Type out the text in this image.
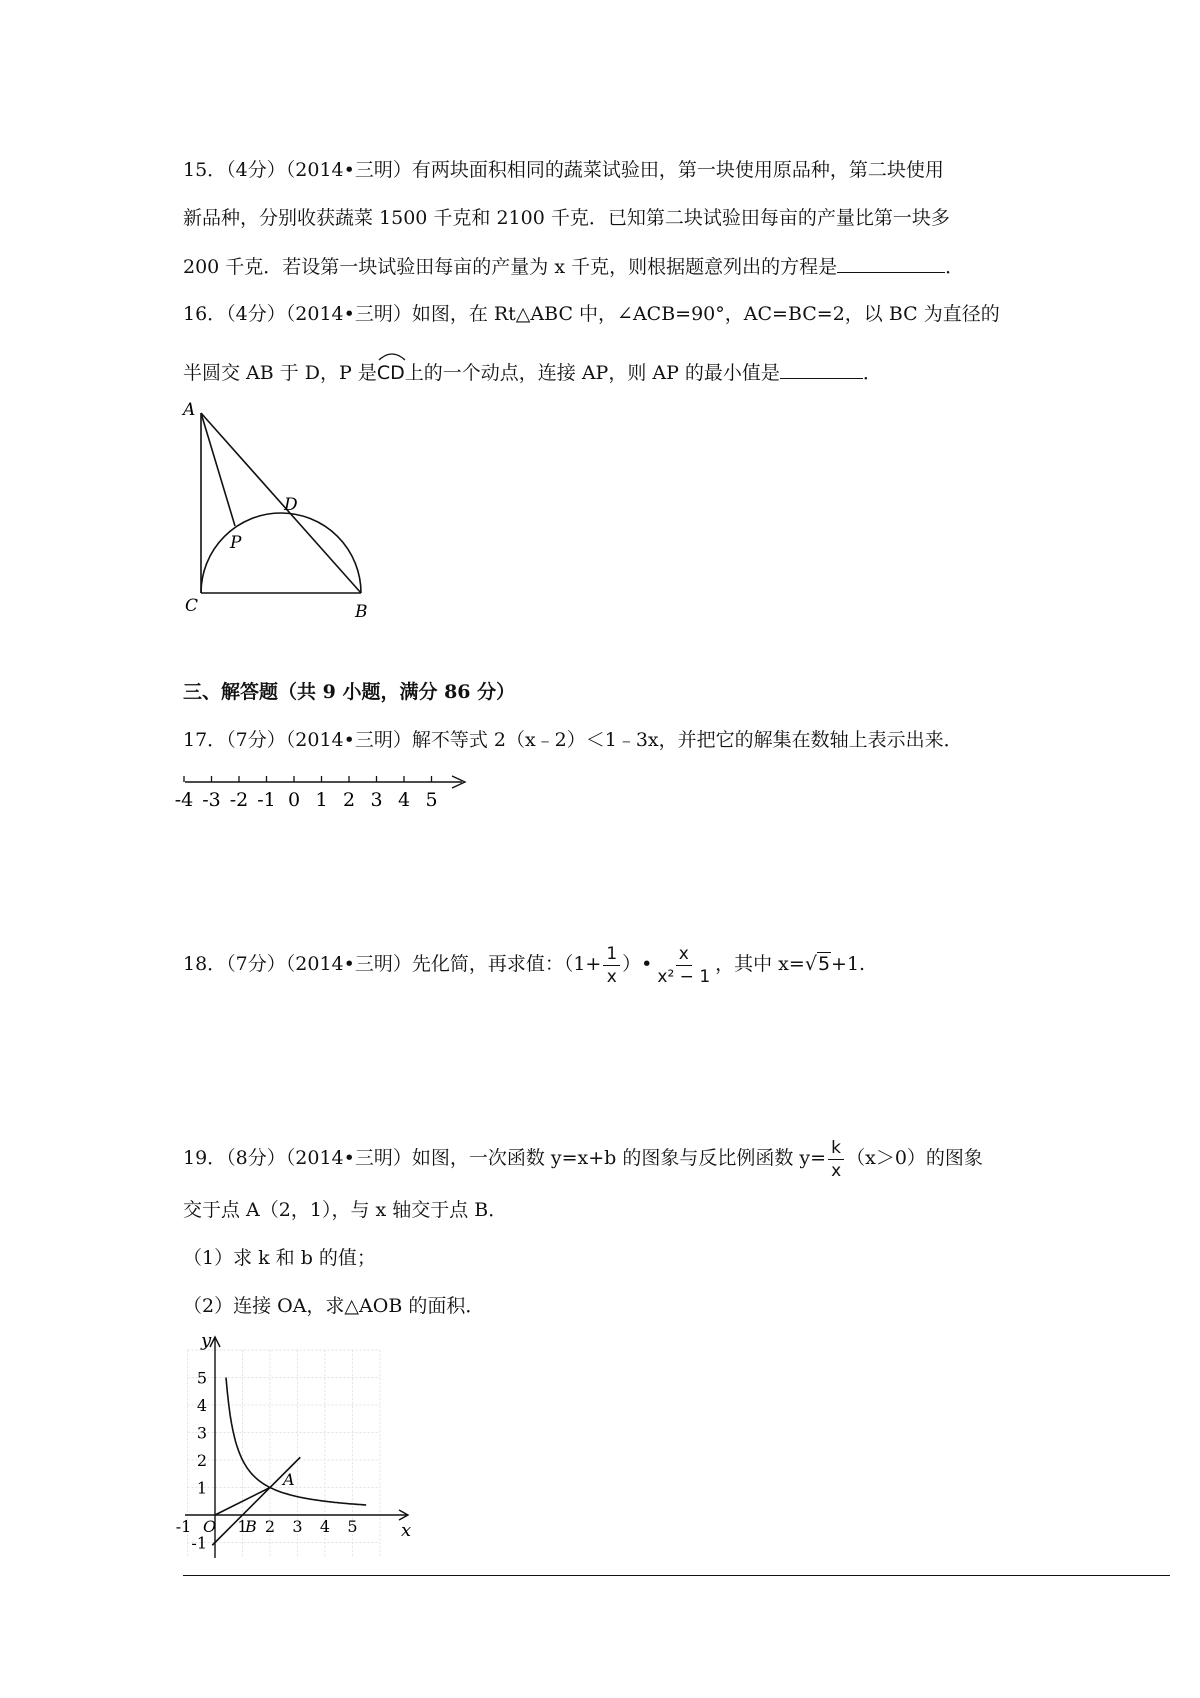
15．（4分）（2014•三明）有两块面积相同的蔬菜试验田，第一块使用原品种，第二块使用
新品种，分别收获蔬菜 1500 千克和 2100 千克．已知第二块试验田每亩的产量比第一块多
200 千克．若设第一块试验田每亩的产量为 x 千克，则根据题意列出的方程是	．
16．（4分）（2014•三明）如图，在 Rt△ABC 中，∠ACB=90°，AC=BC=2，以 BC 为直径的
半圆交 AB 于 D，P 是
CD上的一个动点，连接 AP，则 AP 的最小值是	．
A
C	B
D
P
三、解答题（共 9 小题，满分 86 分）
17．（7分）（2014•三明）解不等式 2（x﹣2）＜1﹣3x，并把它的解集在数轴上表示出来．
-4 -3 -2 -1 0 1 2 3 4 5
18．（7分）（2014•三明）先化简，再求值：（$1+ \frac{1}{x}$ ）• $\frac{x}{\text{x² − 1}}$ ，其中 x=√5+1.
19．（8分）（2014•三明）如图，一次函数 y=x+b 的图象与反比例函数 $y= \frac{k}{x} (x>0)$的图象
交于点 A（2，1），与 x 轴交于点 B．
（1）求 k 和 b 的值；
（2）连接 OA，求△AOB 的面积．
5
4
3
2
1
-1
-1	1 2 3 4 5
y
x
O
A
B
